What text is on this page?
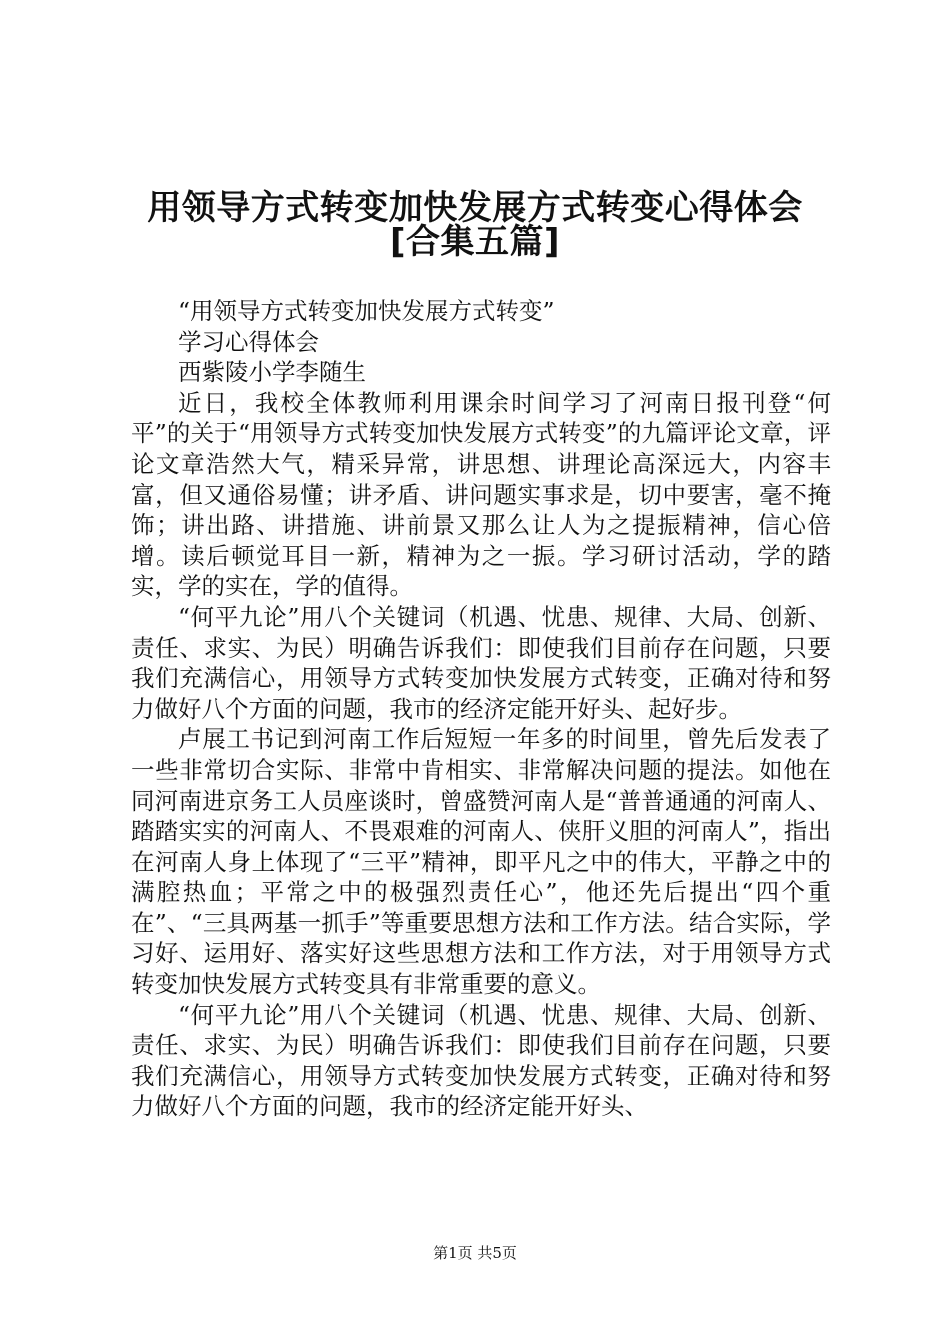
用领导方式转变加快发展方式转变心得体会
[合集五篇]

“用领导方式转变加快发展方式转变”

学习心得体会

西紫陵小学李随生

近日，我校全体教师利用课余时间学习了河南日报刊登“何平”的关于“用领导方式转变加快发展方式转变”的九篇评论文章，评论文章浩然大气，精采异常，讲思想、讲理论高深远大，内容丰富，但又通俗易懂；讲矛盾、讲问题实事求是，切中要害，毫不掩饰；讲出路、讲措施、讲前景又那么让人为之提振精神，信心倍增。读后顿觉耳目一新，精神为之一振。学习研讨活动，学的踏实，学的实在，学的值得。

“何平九论”用八个关键词（机遇、忧患、规律、大局、创新、责任、求实、为民）明确告诉我们：即使我们目前存在问题，只要我们充满信心，用领导方式转变加快发展方式转变，正确对待和努力做好八个方面的问题，我市的经济定能开好头、起好步。

卢展工书记到河南工作后短短一年多的时间里，曾先后发表了一些非常切合实际、非常中肯相实、非常解决问题的提法。如他在同河南进京务工人员座谈时，曾盛赞河南人是“普普通通的河南人、踏踏实实的河南人、不畏艰难的河南人、侠肝义胆的河南人”，指出在河南人身上体现了“三平”精神，即平凡之中的伟大，平静之中的满腔热血；平常之中的极强烈责任心”，他还先后提出“四个重在”、“三具两基一抓手”等重要思想方法和工作方法。结合实际，学习好、运用好、落实好这些思想方法和工作方法，对于用领导方式转变加快发展方式转变具有非常重要的意义。

“何平九论”用八个关键词（机遇、忧患、规律、大局、创新、责任、求实、为民）明确告诉我们：即使我们目前存在问题，只要我们充满信心，用领导方式转变加快发展方式转变，正确对待和努力做好八个方面的问题，我市的经济定能开好头、

第1页 共5页
